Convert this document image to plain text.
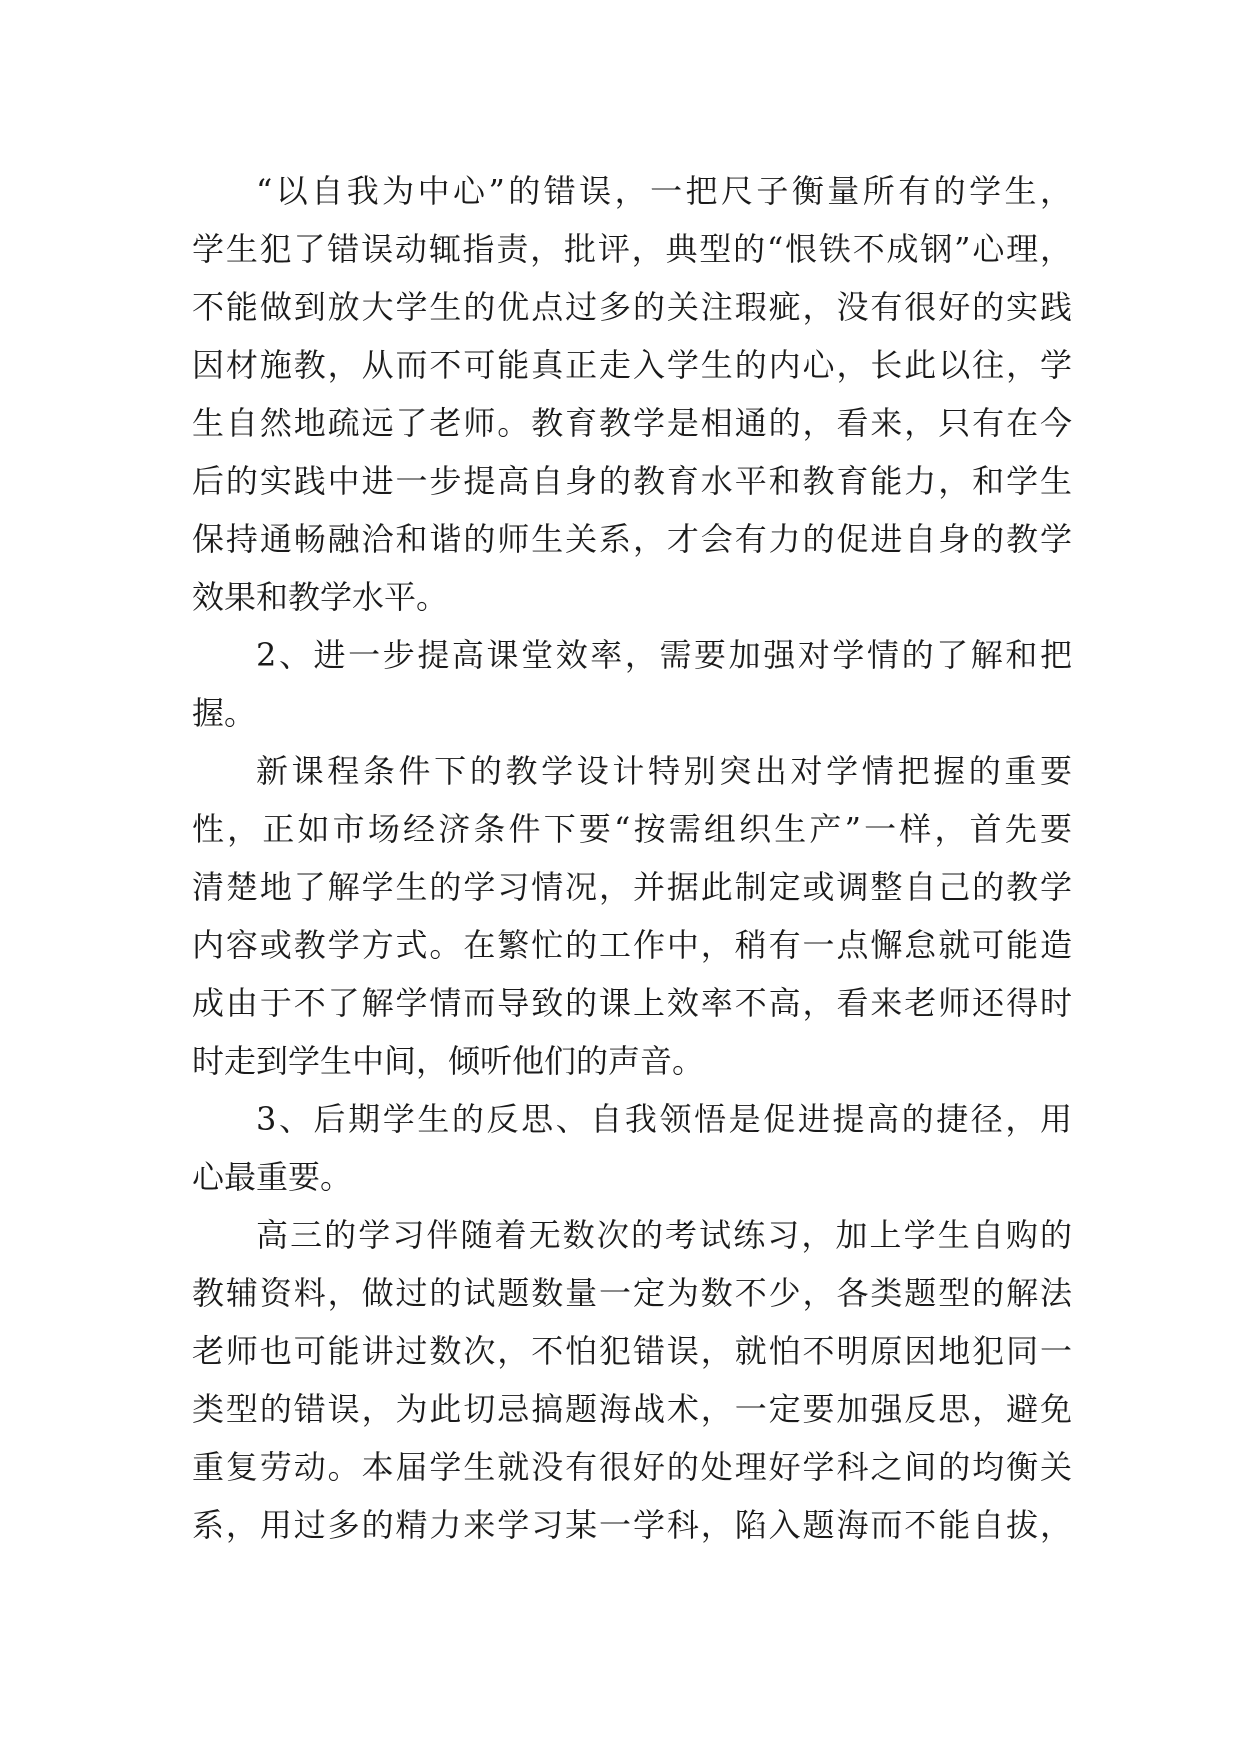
“以自我为中心”的错误，一把尺子衡量所有的学生，
学生犯了错误动辄指责，批评，典型的“恨铁不成钢”心理，
不能做到放大学生的优点过多的关注瑕疵，没有很好的实践
因材施教，从而不可能真正走入学生的内心，长此以往，学
生自然地疏远了老师。教育教学是相通的，看来，只有在今
后的实践中进一步提高自身的教育水平和教育能力，和学生
保持通畅融洽和谐的师生关系，才会有力的促进自身的教学
效果和教学水平。
2、进一步提高课堂效率，需要加强对学情的了解和把
握。
新课程条件下的教学设计特别突出对学情把握的重要
性，正如市场经济条件下要“按需组织生产”一样，首先要
清楚地了解学生的学习情况，并据此制定或调整自己的教学
内容或教学方式。在繁忙的工作中，稍有一点懈怠就可能造
成由于不了解学情而导致的课上效率不高，看来老师还得时
时走到学生中间，倾听他们的声音。
3、后期学生的反思、自我领悟是促进提高的捷径，用
心最重要。
高三的学习伴随着无数次的考试练习，加上学生自购的
教辅资料，做过的试题数量一定为数不少，各类题型的解法
老师也可能讲过数次，不怕犯错误，就怕不明原因地犯同一
类型的错误，为此切忌搞题海战术，一定要加强反思，避免
重复劳动。本届学生就没有很好的处理好学科之间的均衡关
系，用过多的精力来学习某一学科，陷入题海而不能自拔，
